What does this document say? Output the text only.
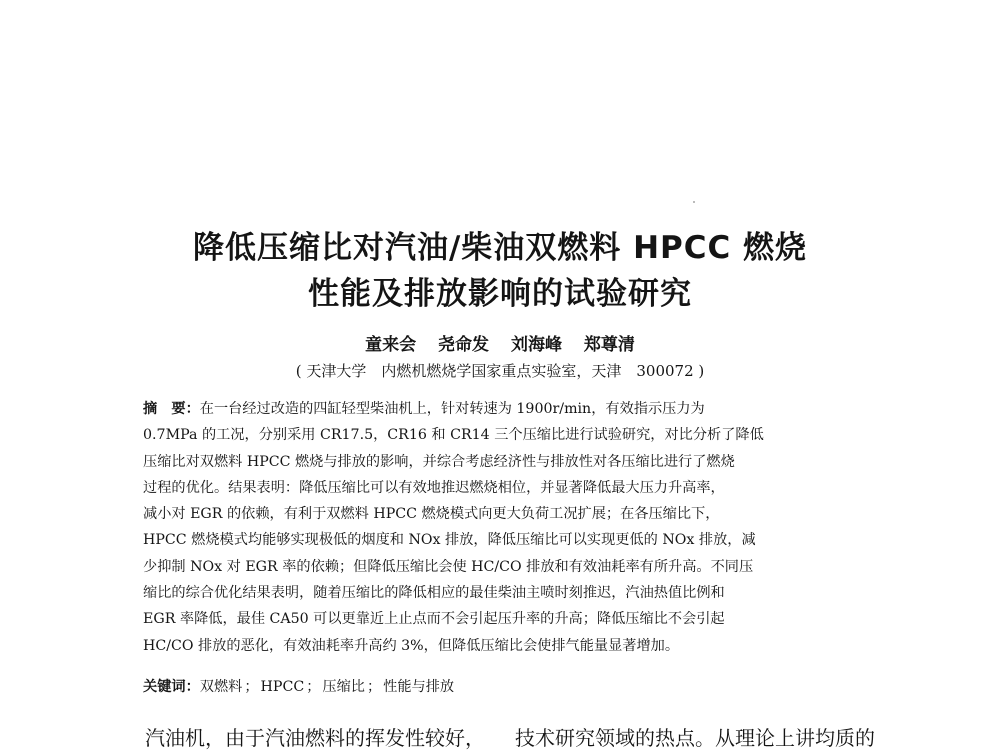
降低压缩比对汽油/柴油双燃料 HPCC 燃烧
性能及排放影响的试验研究
童来会 尧命发 刘海峰 郑尊清
( 天津大学　内燃机燃烧学国家重点实验室，天津　300072 )
摘　要：在一台经过改造的四缸轻型柴油机上，针对转速为 1900r/min，有效指示压力为
0.7MPa 的工况，分别采用 CR17.5，CR16 和 CR14 三个压缩比进行试验研究，对比分析了降低
压缩比对双燃料 HPCC 燃烧与排放的影响，并综合考虑经济性与排放性对各压缩比进行了燃烧
过程的优化。结果表明：降低压缩比可以有效地推迟燃烧相位，并显著降低最大压力升高率，
减小对 EGR 的依赖，有利于双燃料 HPCC 燃烧模式向更大负荷工况扩展；在各压缩比下，
HPCC 燃烧模式均能够实现极低的烟度和 NOx 排放，降低压缩比可以实现更低的 NOx 排放，减
少抑制 NOx 对 EGR 率的依赖；但降低压缩比会使 HC/CO 排放和有效油耗率有所升高。不同压
缩比的综合优化结果表明，随着压缩比的降低相应的最佳柴油主喷时刻推迟，汽油热值比例和
EGR 率降低，最佳 CA50 可以更靠近上止点而不会引起压升率的升高；降低压缩比不会引起
HC/CO 排放的恶化，有效油耗率升高约 3%，但降低压缩比会使排气能量显著增加。
关键词：双燃料 ； HPCC ； 压缩比 ； 性能与排放
汽油机，由于汽油燃料的挥发性较好，　　技术研究领域的热点。从理论上讲均质的
